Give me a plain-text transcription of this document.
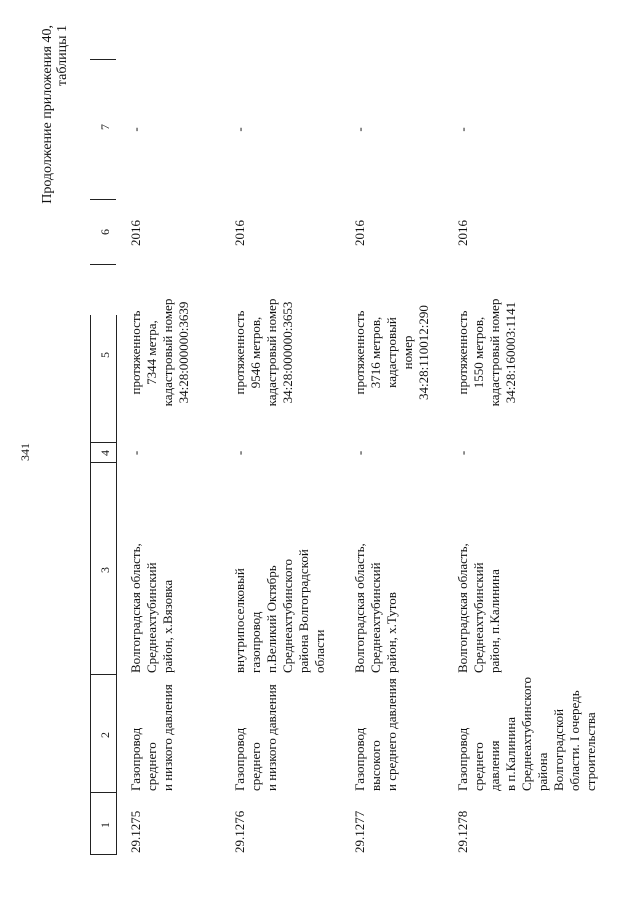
341
Продолжение приложения 40, таблицы 1
1
2
3
4
5
6
7
29.1275
Газопровод среднего
и низкого давления
Волгоградская область,
Среднеахтубинский
район, х.Вязовка
-
протяженность
7344 метра,
кадастровый номер
34:28:000000:3639
2016
-
29.1276
Газопровод среднего
и низкого давления
внутрипоселковый
газопровод
п.Великий Октябрь
Среднеахтубинского
района Волгоградской
области
-
протяженность
9546 метров,
кадастровый номер
34:28:000000:3653
2016
-
29.1277
Газопровод высокого
и среднего давления
Волгоградская область,
Среднеахтубинский
район, х.Тутов
-
протяженность
3716 метров,
кадастровый
номер
34:28:110012:290
2016
-
29.1278
Газопровод среднего
давления
в п.Калинина
Среднеахтубинского
района
Волгоградской
области. I очередь
строительства
Волгоградская область,
Среднеахтубинский
район, п.Калинина
-
протяженность
1550 метров,
кадастровый номер
34:28:160003:1141
2016
-
